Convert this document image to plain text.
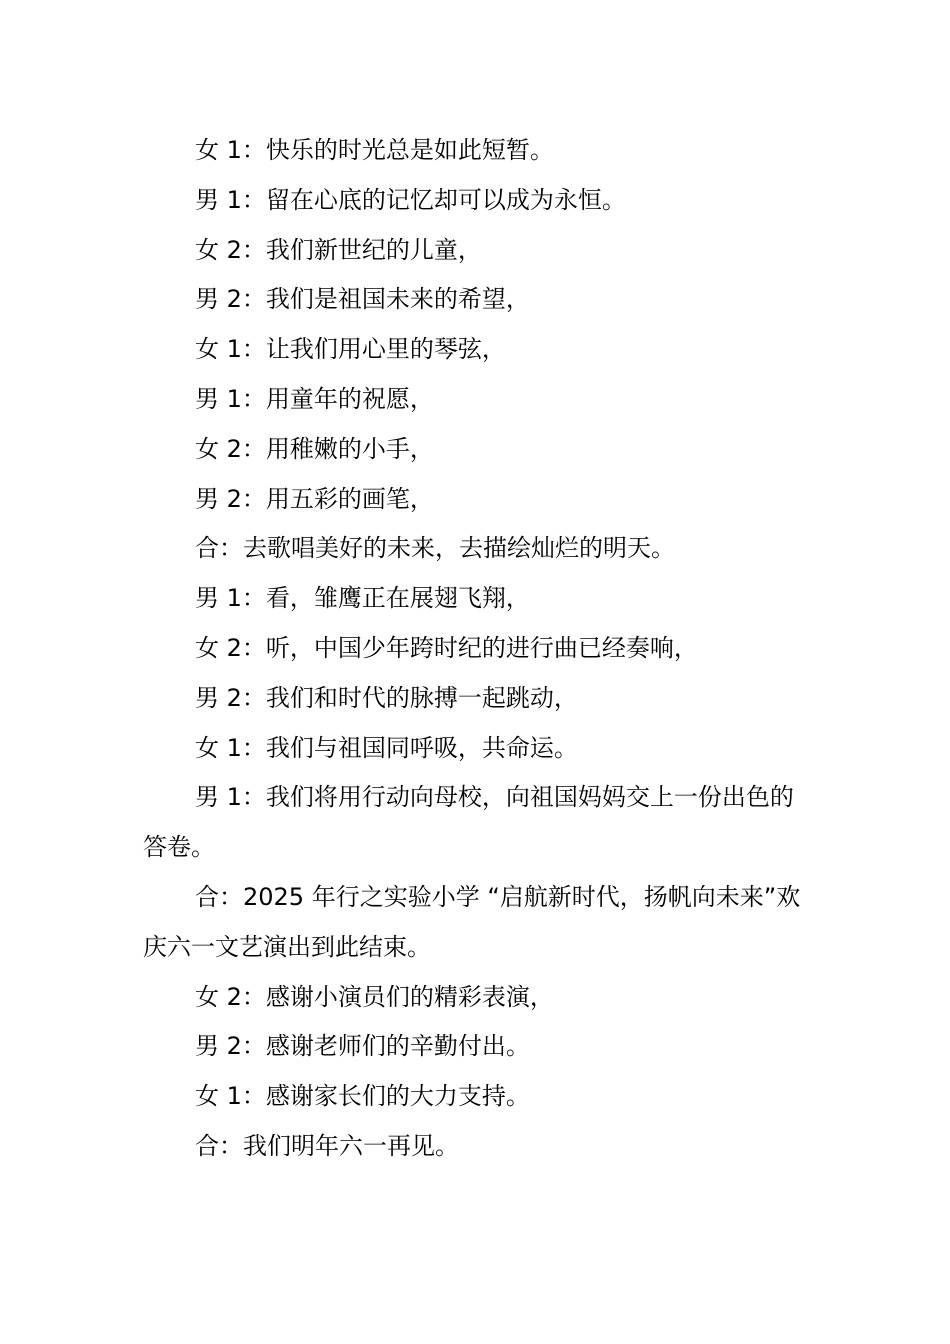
女 1：快乐的时光总是如此短暂。

男 1：留在心底的记忆却可以成为永恒。

女 2：我们新世纪的儿童，

男 2：我们是祖国未来的希望，

女 1：让我们用心里的琴弦，

男 1：用童年的祝愿，

女 2：用稚嫩的小手，

男 2：用五彩的画笔，

合：去歌唱美好的未来，去描绘灿烂的明天。

男 1：看，雏鹰正在展翅飞翔，

女 2：听，中国少年跨时纪的进行曲已经奏响，

男 2：我们和时代的脉搏一起跳动，

女 1：我们与祖国同呼吸，共命运。

男 1：我们将用行动向母校，向祖国妈妈交上一份出色的答卷。

合：2025 年行之实验小学 “启航新时代，扬帆向未来”欢庆六一文艺演出到此结束。

女 2：感谢小演员们的精彩表演，

男 2：感谢老师们的辛勤付出。

女 1：感谢家长们的大力支持。

合：我们明年六一再见。
